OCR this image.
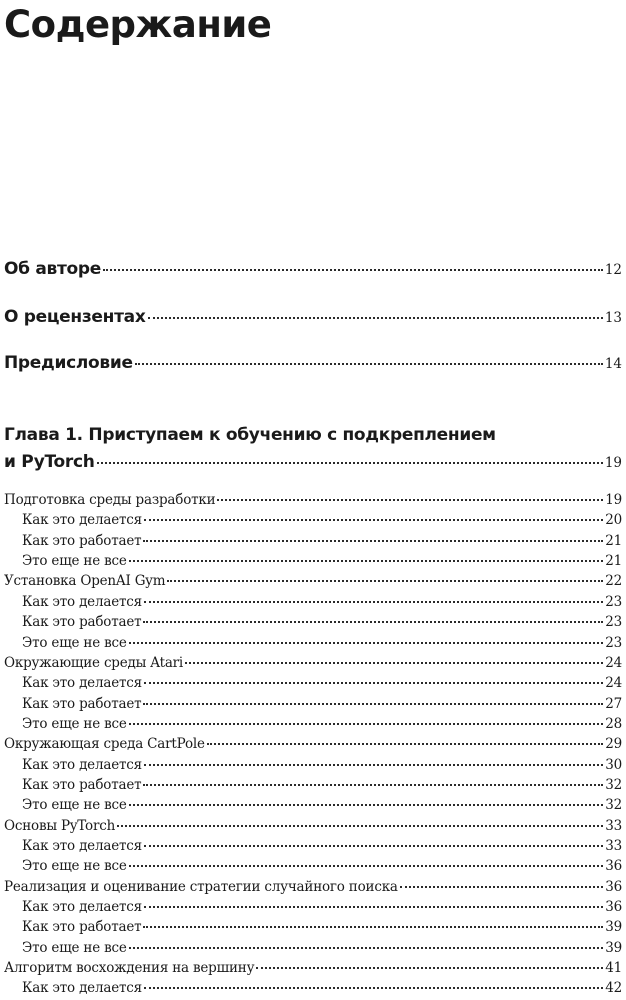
Содержание
Об авторе	12
О рецензентах	13
Предисловие	14
Глава 1. Приступаем к обучению с подкреплением
и PyTorch	19
Подготовка среды разработки	19
Как это делается	20
Как это работает	21
Это еще не все	21
Установка OpenAI Gym	22
Как это делается	23
Как это работает	23
Это еще не все	23
Окружающие среды Atari	24
Как это делается	24
Как это работает	27
Это еще не все	28
Окружающая среда CartPole	29
Как это делается	30
Как это работает	32
Это еще не все	32
Основы PyTorch	33
Как это делается	33
Это еще не все	36
Реализация и оценивание стратегии случайного поиска	36
Как это делается	36
Как это работает	39
Это еще не все	39
Алгоритм восхождения на вершину	41
Как это делается	42
